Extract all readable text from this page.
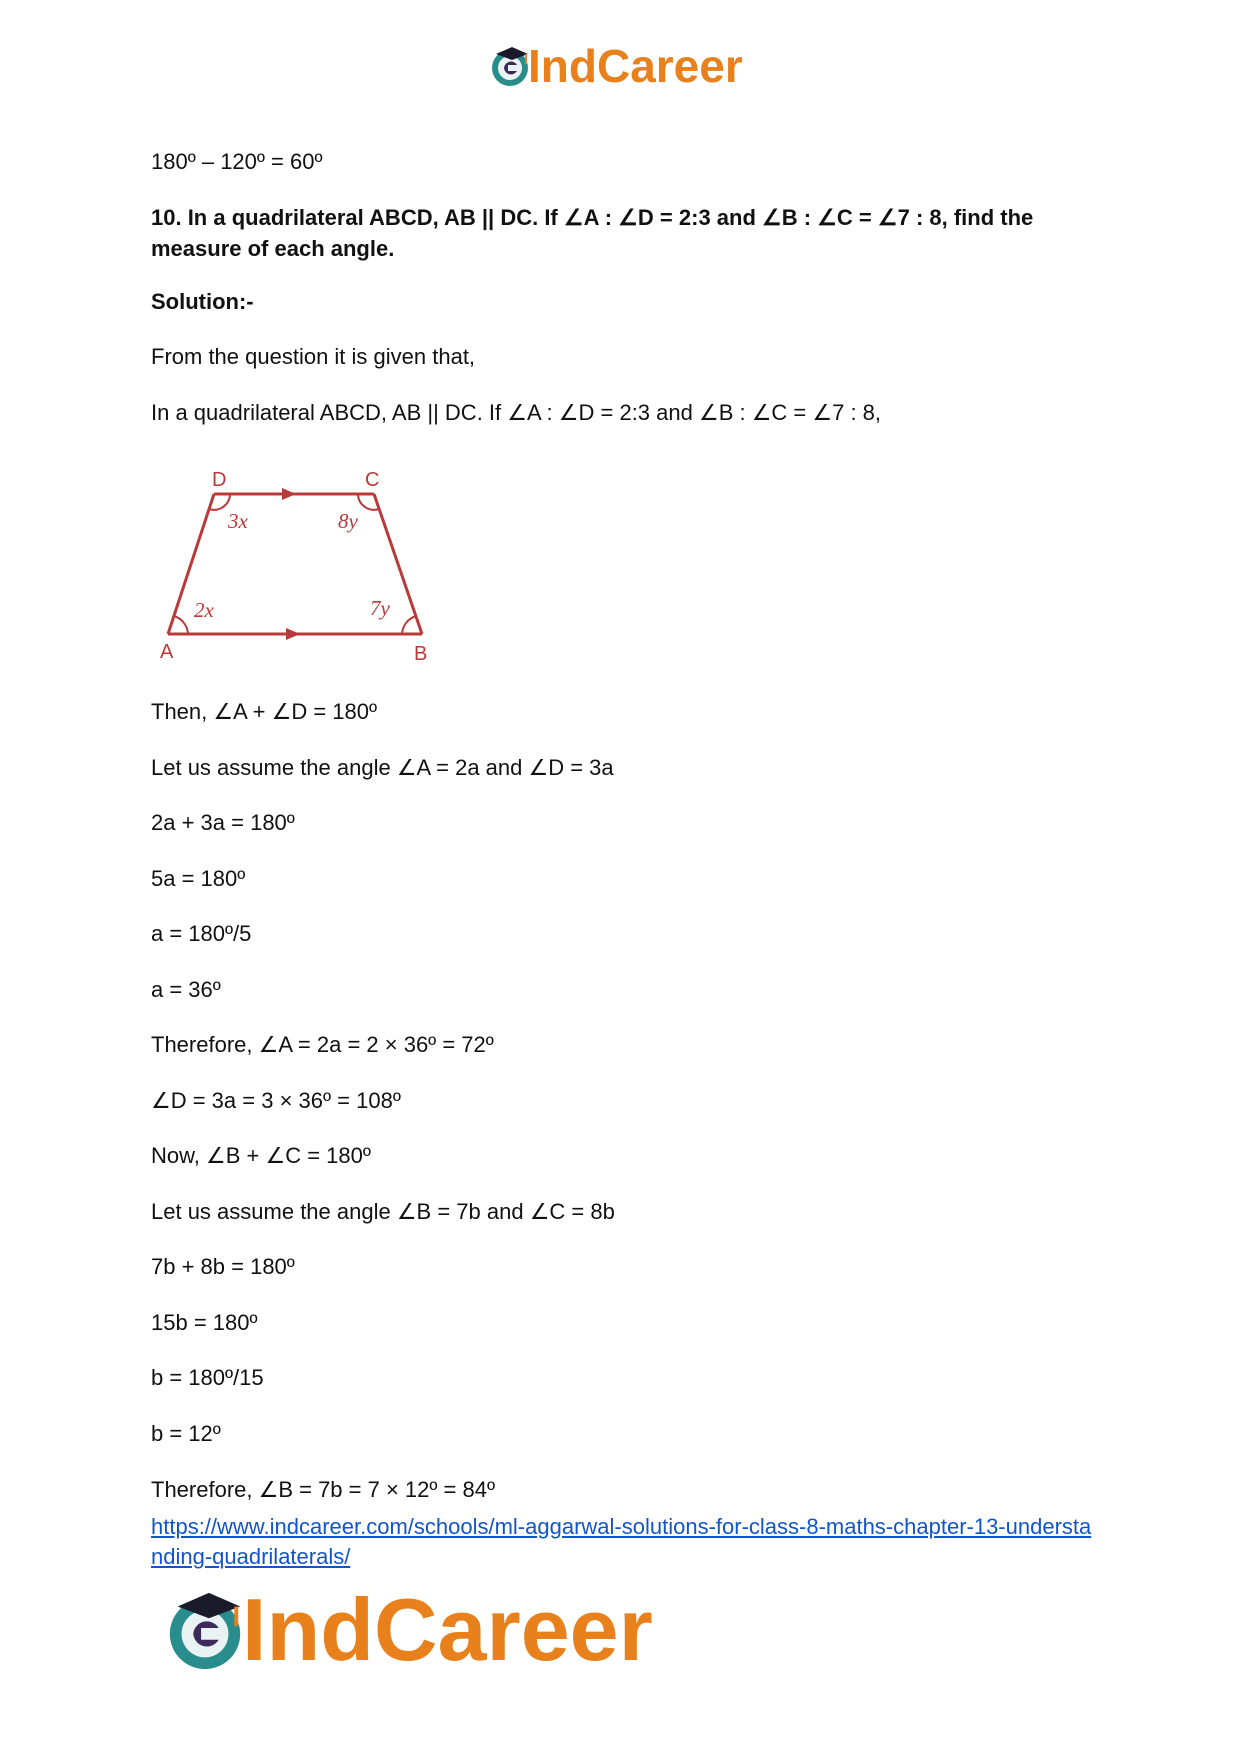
IndCareer
180º – 120º = 60º
10. In a quadrilateral ABCD, AB || DC. If ∠A : ∠D = 2:3 and ∠B : ∠C = ∠7 : 8, find the measure of each angle.
Solution:-
From the question it is given that,
In a quadrilateral ABCD, AB || DC. If ∠A : ∠D = 2:3 and ∠B : ∠C = ∠7 : 8,
D	C
A	B
3x	8y
2x	7y
Then, ∠A + ∠D = 180º
Let us assume the angle ∠A = 2a and ∠D = 3a
2a + 3a = 180º
5a = 180º
a = 180º/5
a = 36º
Therefore, ∠A = 2a = 2 × 36º = 72º
∠D = 3a = 3 × 36º = 108º
Now, ∠B + ∠C = 180º
Let us assume the angle ∠B = 7b and ∠C = 8b
7b + 8b = 180º
15b = 180º
b = 180º/15
b = 12º
Therefore, ∠B = 7b = 7 × 12º = 84º
https://www.indcareer.com/schools/ml-aggarwal-solutions-for-class-8-maths-chapter-13-understanding-quadrilaterals/
IndCareer
